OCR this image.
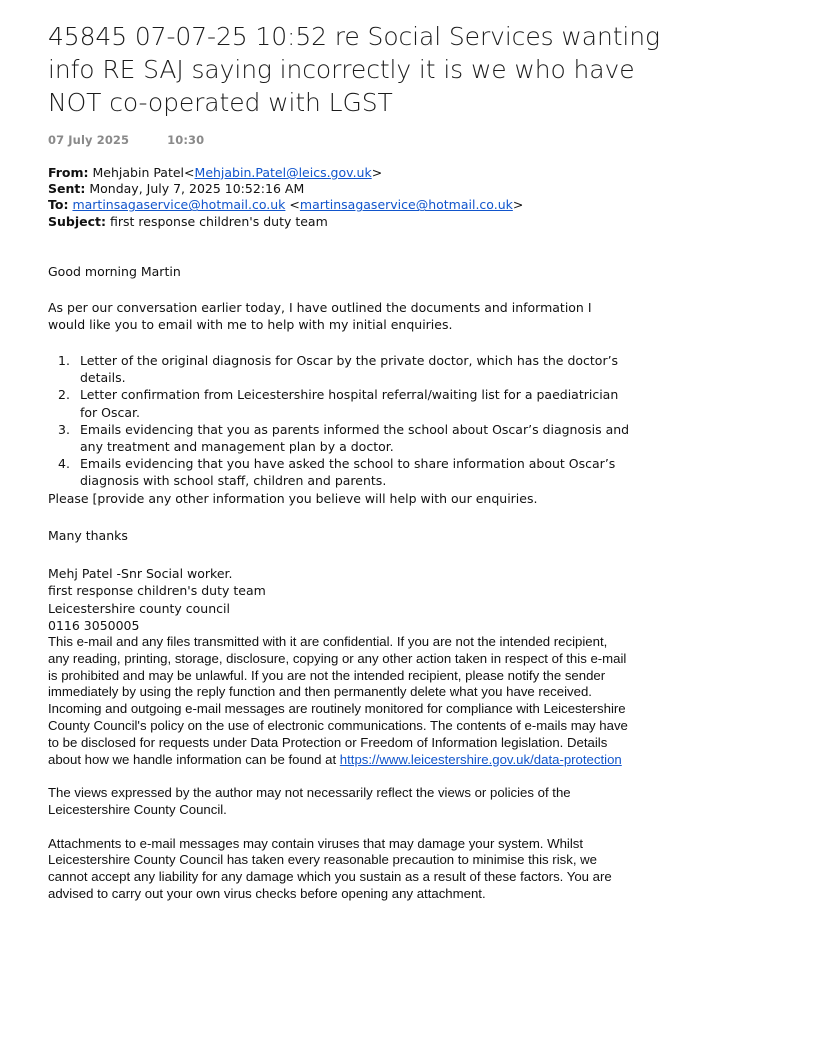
45845 07-07-25 10:52 re Social Services wanting info RE SAJ saying incorrectly it is we who have NOT co-operated with LGST
07 July 2025	10:30
From: Mehjabin Patel<Mehjabin.Patel@leics.gov.uk>
Sent: Monday, July 7, 2025 10:52:16 AM
To: martinsagaservice@hotmail.co.uk <martinsagaservice@hotmail.co.uk>
Subject: first response children's duty team
Good morning Martin
As per our conversation earlier today, I have outlined the documents and information I would like you to email with me to help with my initial enquiries.
1. Letter of the original diagnosis for Oscar by the private doctor, which has the doctor’s details.
2. Letter confirmation from Leicestershire hospital referral/waiting list for a paediatrician for Oscar.
3. Emails evidencing that you as parents informed the school about Oscar’s diagnosis and any treatment and management plan by a doctor.
4. Emails evidencing that you have asked the school to share information about Oscar’s diagnosis with school staff, children and parents.
Please [provide any other information you believe will help with our enquiries.
Many thanks
Mehj Patel -Snr Social worker.
first response children's duty team
Leicestershire county council
0116 3050005

This e-mail and any files transmitted with it are confidential. If you are not the intended recipient, any reading, printing, storage, disclosure, copying or any other action taken in respect of this e-mail is prohibited and may be unlawful. If you are not the intended recipient, please notify the sender immediately by using the reply function and then permanently delete what you have received. Incoming and outgoing e-mail messages are routinely monitored for compliance with Leicestershire County Council's policy on the use of electronic communications. The contents of e-mails may have to be disclosed for requests under Data Protection or Freedom of Information legislation. Details about how we handle information can be found at https://www.leicestershire.gov.uk/data-protection

The views expressed by the author may not necessarily reflect the views or policies of the Leicestershire County Council.

Attachments to e-mail messages may contain viruses that may damage your system. Whilst Leicestershire County Council has taken every reasonable precaution to minimise this risk, we cannot accept any liability for any damage which you sustain as a result of these factors. You are advised to carry out your own virus checks before opening any attachment.
